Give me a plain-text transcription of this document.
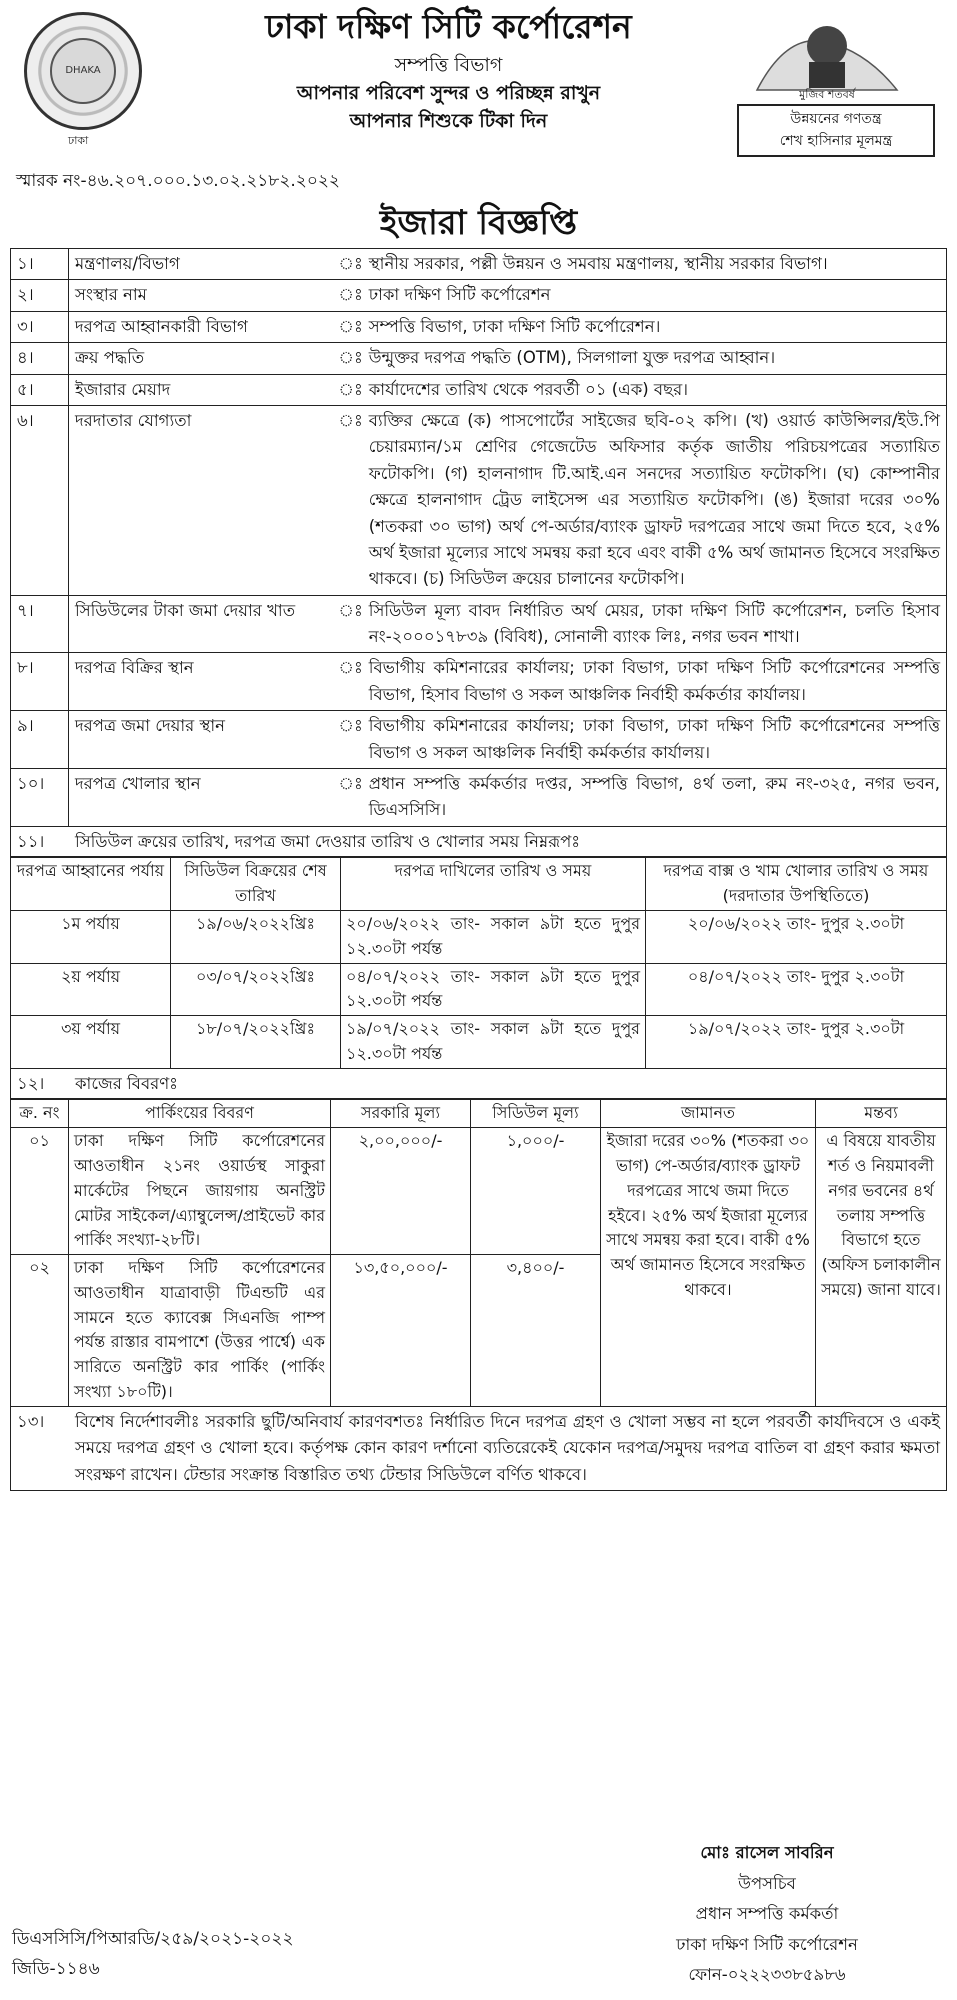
DHAKA
ঢাকা
ঢাকা দক্ষিণ সিটি কর্পোরেশন
সম্পত্তি বিভাগ
আপনার পরিবেশ সুন্দর ও পরিচ্ছন্ন রাখুন
আপনার শিশুকে টিকা দিন
মুজিব শতবর্ষ
উন্নয়নের গণতন্ত্র
শেখ হাসিনার মূলমন্ত্র
স্মারক নং-৪৬.২০৭.০০০.১৩.০২.২১৮২.২০২২
ইজারা বিজ্ঞপ্তি
১।	মন্ত্রণালয়/বিভাগ	ঃ	স্থানীয় সরকার, পল্লী উন্নয়ন ও সমবায় মন্ত্রণালয়, স্থানীয় সরকার বিভাগ।
২।	সংস্থার নাম	ঃ	ঢাকা দক্ষিণ সিটি কর্পোরেশন
৩।	দরপত্র আহ্বানকারী বিভাগ	ঃ	সম্পত্তি বিভাগ, ঢাকা দক্ষিণ সিটি কর্পোরেশন।
৪।	ক্রয় পদ্ধতি	ঃ	উন্মুক্তর দরপত্র পদ্ধতি (OTM), সিলগালা যুক্ত দরপত্র আহ্বান।
৫।	ইজারার মেয়াদ	ঃ	কার্যাদেশের তারিখ থেকে পরবর্তী ০১ (এক) বছর।
৬।	দরদাতার যোগ্যতা	ঃ	ব্যক্তির ক্ষেত্রে (ক) পাসপোর্টের সাইজের ছবি-০২ কপি। (খ) ওয়ার্ড কাউন্সিলর/ইউ.পি চেয়ারম্যান/১ম শ্রেণির গেজেটেড অফিসার কর্তৃক জাতীয় পরিচয়পত্রের সত্যায়িত ফটোকপি। (গ) হালনাগাদ টি.আই.এন সনদের সত্যায়িত ফটোকপি। (ঘ) কোম্পানীর ক্ষেত্রে হালনাগাদ ট্রেড লাইসেন্স এর সত্যায়িত ফটোকপি। (ঙ) ইজারা দরের ৩০% (শতকরা ৩০ ভাগ) অর্থ পে-অর্ডার/ব্যাংক ড্রাফট দরপত্রের সাথে জমা দিতে হবে, ২৫% অর্থ ইজারা মূল্যের সাথে সমন্বয় করা হবে এবং বাকী ৫% অর্থ জামানত হিসেবে সংরক্ষিত থাকবে। (চ) সিডিউল ক্রয়ের চালানের ফটোকপি।
৭।	সিডিউলের টাকা জমা দেয়ার খাত	ঃ	সিডিউল মূল্য বাবদ নির্ধারিত অর্থ মেয়র, ঢাকা দক্ষিণ সিটি কর্পোরেশন, চলতি হিসাব নং-২০০০১৭৮৩৯ (বিবিধ), সোনালী ব্যাংক লিঃ, নগর ভবন শাখা।
৮।	দরপত্র বিক্রির স্থান	ঃ	বিভাগীয় কমিশনারের কার্যালয়; ঢাকা বিভাগ, ঢাকা দক্ষিণ সিটি কর্পোরেশনের সম্পত্তি বিভাগ, হিসাব বিভাগ ও সকল আঞ্চলিক নির্বাহী কর্মকর্তার কার্যালয়।
৯।	দরপত্র জমা দেয়ার স্থান	ঃ	বিভাগীয় কমিশনারের কার্যালয়; ঢাকা বিভাগ, ঢাকা দক্ষিণ সিটি কর্পোরেশনের সম্পত্তি বিভাগ ও সকল আঞ্চলিক নির্বাহী কর্মকর্তার কার্যালয়।
১০।	দরপত্র খোলার স্থান	ঃ	প্রধান সম্পত্তি কর্মকর্তার দপ্তর, সম্পত্তি বিভাগ, ৪র্থ তলা, রুম নং-৩২৫, নগর ভবন, ডিএসসিসি।
১১।	সিডিউল ক্রয়ের তারিখ, দরপত্র জমা দেওয়ার তারিখ ও খোলার সময় নিম্নরূপঃ
দরপত্র আহ্বানের পর্যায়	সিডিউল বিক্রয়ের শেষ তারিখ	দরপত্র দাখিলের তারিখ ও সময়	দরপত্র বাক্স ও খাম খোলার তারিখ ও সময় (দরদাতার উপস্থিতিতে)
১ম পর্যায়	১৯/০৬/২০২২খ্রিঃ	২০/০৬/২০২২ তাং- সকাল ৯টা হতে দুপুর ১২.৩০টা পর্যন্ত	২০/০৬/২০২২ তাং- দুপুর ২.৩০টা
২য় পর্যায়	০৩/০৭/২০২২খ্রিঃ	০৪/০৭/২০২২ তাং- সকাল ৯টা হতে দুপুর ১২.৩০টা পর্যন্ত	০৪/০৭/২০২২ তাং- দুপুর ২.৩০টা
৩য় পর্যায়	১৮/০৭/২০২২খ্রিঃ	১৯/০৭/২০২২ তাং- সকাল ৯টা হতে দুপুর ১২.৩০টা পর্যন্ত	১৯/০৭/২০২২ তাং- দুপুর ২.৩০টা
১২।	কাজের বিবরণঃ
ক্র. নং	পার্কিংয়ের বিবরণ	সরকারি মূল্য	সিডিউল মূল্য	জামানত	মন্তব্য
০১	ঢাকা দক্ষিণ সিটি কর্পোরেশনের আওতাধীন ২১নং ওয়ার্ডস্থ সাকুরা মার্কেটের পিছনে জায়গায় অনস্ট্রিট মোটর সাইকেল/এ্যাম্বুলেন্স/প্রাইভেট কার পার্কিং সংখ্যা-২৮টি।	২,০০,০০০/-	১,০০০/-	ইজারা দরের ৩০% (শতকরা ৩০ ভাগ) পে-অর্ডার/ব্যাংক ড্রাফট দরপত্রের সাথে জমা দিতে হইবে। ২৫% অর্থ ইজারা মূল্যের সাথে সমন্বয় করা হবে। বাকী ৫% অর্থ জামানত হিসেবে সংরক্ষিত থাকবে।	এ বিষয়ে যাবতীয় শর্ত ও নিয়মাবলী নগর ভবনের ৪র্থ তলায় সম্পত্তি বিভাগে হতে (অফিস চলাকালীন সময়ে) জানা যাবে।
০২	ঢাকা দক্ষিণ সিটি কর্পোরেশনের আওতাধীন যাত্রাবাড়ী টিএন্ডটি এর সামনে হতে ক্যাবেক্স সিএনজি পাম্প পর্যন্ত রাস্তার বামপাশে (উত্তর পার্শ্বে) এক সারিতে অনস্ট্রিট কার পার্কিং (পার্কিং সংখ্যা ১৮০টি)।	১৩,৫০,০০০/-	৩,৪০০/-		
১৩।	বিশেষ নির্দেশাবলীঃ সরকারি ছুটি/অনিবার্য কারণবশতঃ নির্ধারিত দিনে দরপত্র গ্রহণ ও খোলা সম্ভব না হলে পরবর্তী কার্যদিবসে ও একই সময়ে দরপত্র গ্রহণ ও খোলা হবে। কর্তৃপক্ষ কোন কারণ দর্শানো ব্যতিরেকেই যেকোন দরপত্র/সমুদয় দরপত্র বাতিল বা গ্রহণ করার ক্ষমতা সংরক্ষণ রাখেন। টেন্ডার সংক্রান্ত বিস্তারিত তথ্য টেন্ডার সিডিউলে বর্ণিত থাকবে।
মোঃ রাসেল সাবরিন
উপসচিব
প্রধান সম্পত্তি কর্মকর্তা
ঢাকা দক্ষিণ সিটি কর্পোরেশন
ফোন-০২২২৩৩৮৫৯৮৬
ডিএসসিসি/পিআরডি/২৫৯/২০২১-২০২২
জিডি-১১৪৬
